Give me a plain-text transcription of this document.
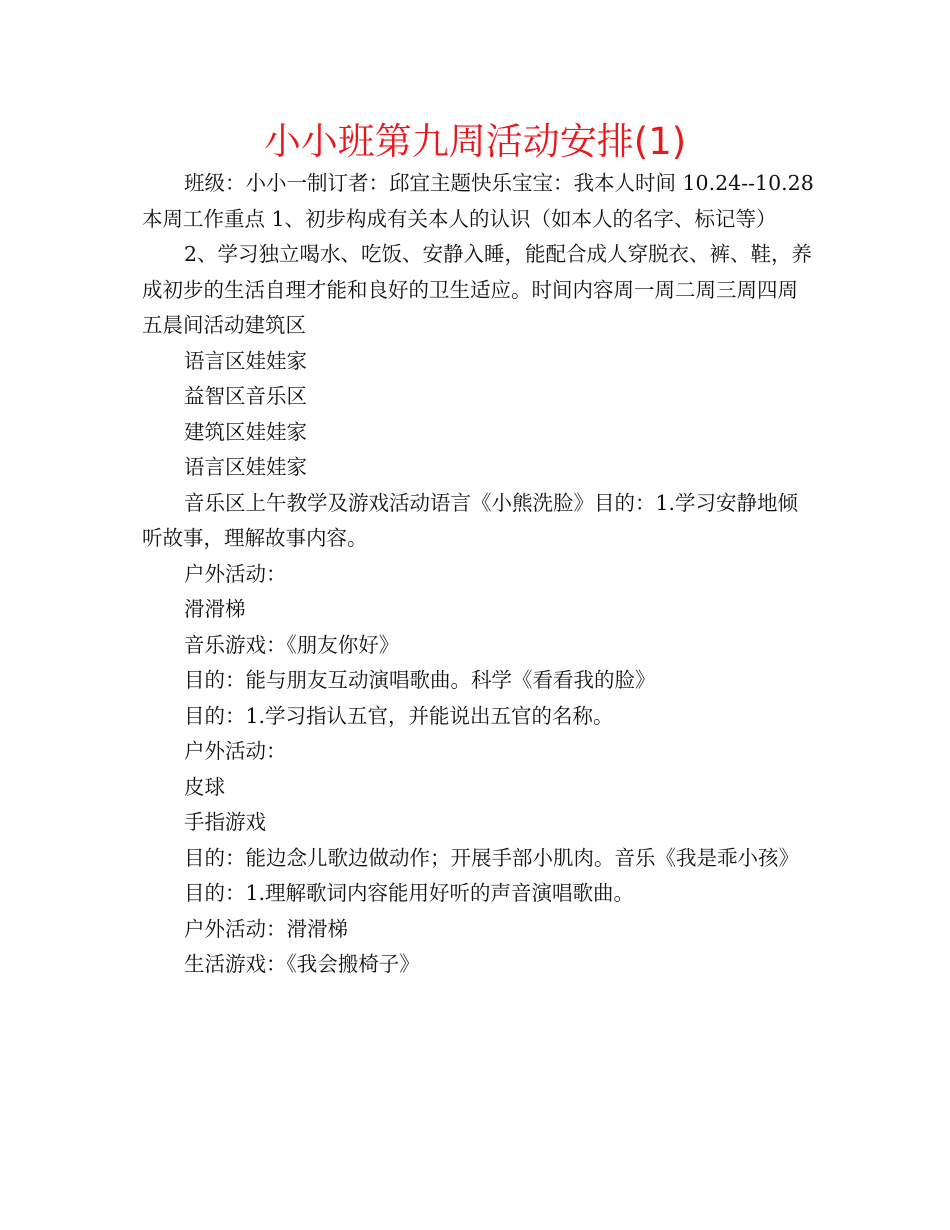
小小班第九周活动安排(1)

班级：小小一制订者：邱宜主题快乐宝宝：我本人时间 10.24--10.28 本周工作重点 1、初步构成有关本人的认识（如本人的名字、标记等）

2、学习独立喝水、吃饭、安静入睡，能配合成人穿脱衣、裤、鞋，养成初步的生活自理才能和良好的卫生适应。时间内容周一周二周三周四周五晨间活动建筑区

语言区娃娃家

益智区音乐区

建筑区娃娃家

语言区娃娃家

音乐区上午教学及游戏活动语言《小熊洗脸》目的：1.学习安静地倾听故事，理解故事内容。

户外活动：

滑滑梯

音乐游戏：《朋友你好》

目的：能与朋友互动演唱歌曲。科学《看看我的脸》

目的：1.学习指认五官，并能说出五官的名称。

户外活动：

皮球

手指游戏

目的：能边念儿歌边做动作；开展手部小肌肉。音乐《我是乖小孩》

目的：1.理解歌词内容能用好听的声音演唱歌曲。

户外活动：滑滑梯

生活游戏：《我会搬椅子》
